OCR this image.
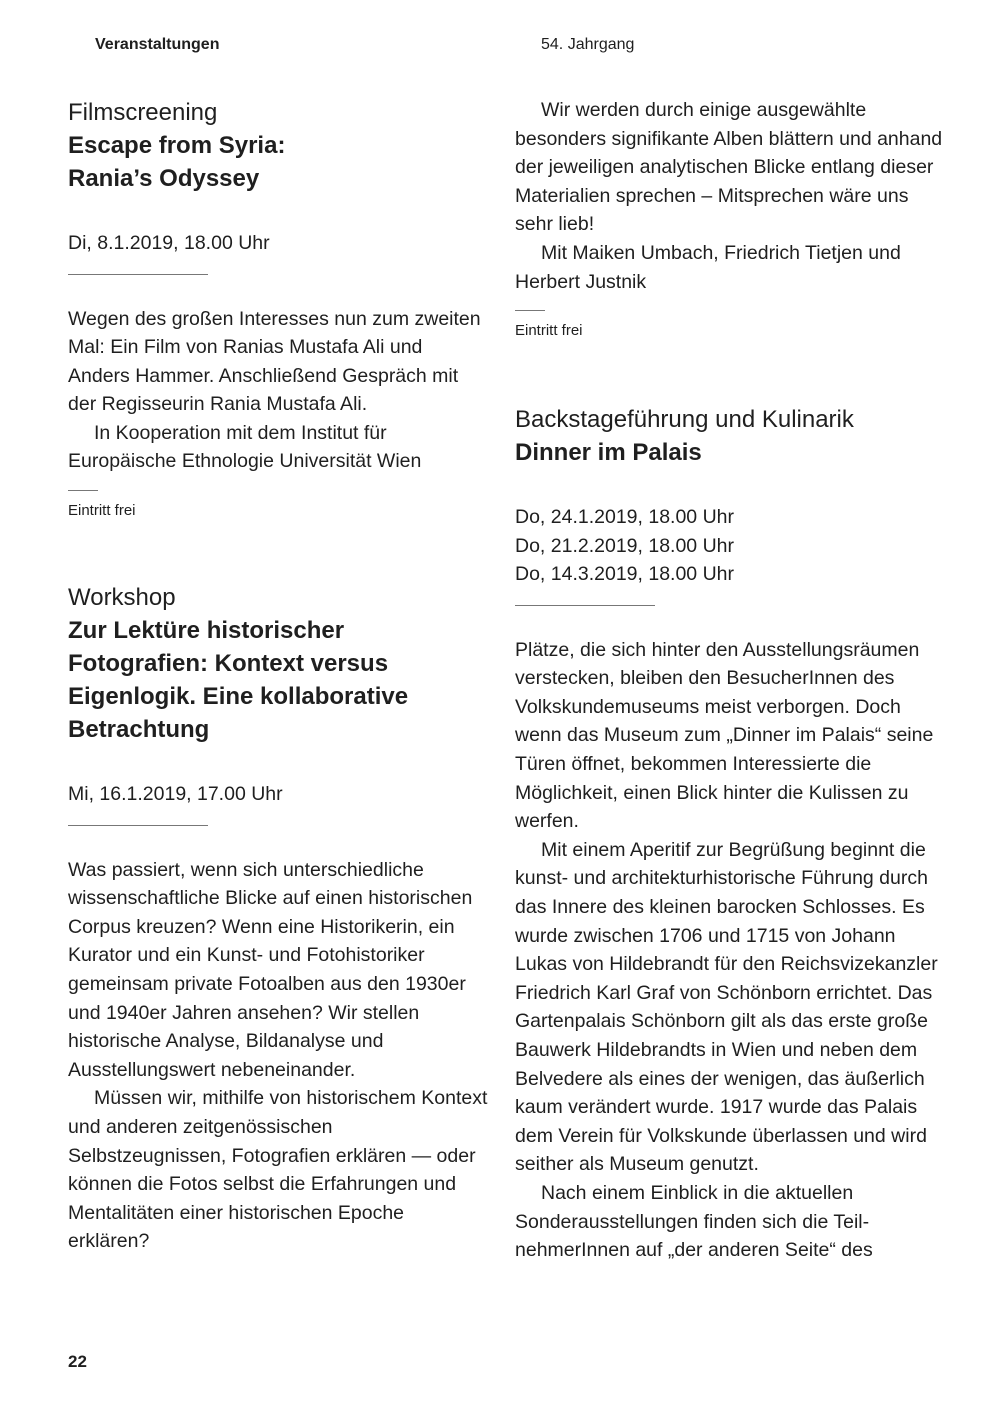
Veranstaltungen	54. Jahrgang
Filmscreening
Escape from Syria:
Rania’s Odyssey
Di, 8.1.2019, 18.00 Uhr

Wegen des großen Interesses nun zum zweiten Mal: Ein Film von Ranias Mustafa Ali und Anders Hammer. Anschließend Gespräch mit der Regisseurin Rania Mustafa Ali.

In Kooperation mit dem Institut für Europäische Ethnologie Universität Wien

Eintritt frei
Workshop
Zur Lektüre historischer
Fotografien: Kontext versus
Eigenlogik. Eine kollaborative
Betrachtung
Mi, 16.1.2019, 17.00 Uhr

Was passiert, wenn sich unterschiedliche wissenschaftliche Blicke auf einen historischen Corpus kreuzen? Wenn eine Historikerin, ein Kurator und ein Kunst- und Fotohistoriker gemeinsam private Fotoalben aus den 1930er und 1940er Jahren ansehen? Wir stellen historische Analyse, Bildanalyse und Ausstellungswert nebeneinander.

Müssen wir, mithilfe von historischem Kontext und anderen zeitgenössischen Selbstzeugnissen, Fotografien erklären — oder können die Fotos selbst die Erfahrungen und Mentalitäten einer historischen Epoche erklären?

Wir werden durch einige ausgewählte besonders signifikante Alben blättern und anhand der jeweiligen analytischen Blicke entlang dieser Materialien sprechen – Mitsprechen wäre uns sehr lieb!

Mit Maiken Umbach, Friedrich Tietjen und Herbert Justnik

Eintritt frei
Backstageführung und Kulinarik
Dinner im Palais
Do, 24.1.2019, 18.00 Uhr
Do, 21.2.2019, 18.00 Uhr
Do, 14.3.2019, 18.00 Uhr

Plätze, die sich hinter den Ausstellungsräumen verstecken, bleiben den BesucherInnen des Volkskundemuseums meist verborgen. Doch wenn das Museum zum „Dinner im Palais“ seine Türen öffnet, bekommen Interessierte die Möglichkeit, einen Blick hinter die Kulissen zu werfen.

Mit einem Aperitif zur Begrüßung beginnt die kunst- und architekturhistorische Führung durch das Innere des kleinen barocken Schlosses. Es wurde zwischen 1706 und 1715 von Johann Lukas von Hildebrandt für den Reichsvizekanzler Friedrich Karl Graf von Schönborn errichtet. Das Gartenpalais Schönborn gilt als das erste große Bauwerk Hildebrandts in Wien und neben dem Belvedere als eines der wenigen, das äußerlich kaum verändert wurde. 1917 wurde das Palais dem Verein für Volkskunde überlassen und wird seither als Museum genutzt.

Nach einem Einblick in die aktuellen Sonderausstellungen finden sich die TeilnehmerInnen auf „der anderen Seite“ des

22
